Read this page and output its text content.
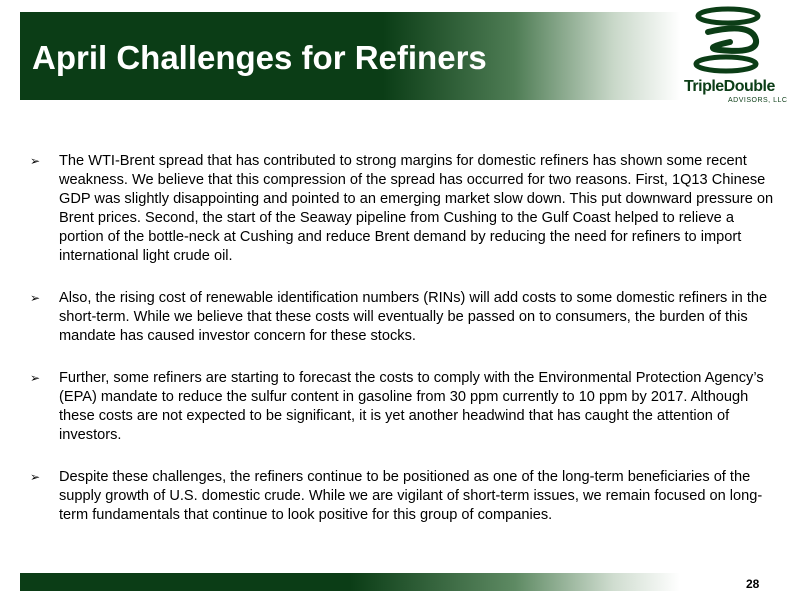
April Challenges for Refiners
TripleDouble
ADVISORS, LLC
➢ The WTI-Brent spread that has contributed to strong margins for domestic refiners has shown some recent weakness. We believe that this compression of the spread has occurred for two reasons. First, 1Q13 Chinese GDP was slightly disappointing and pointed to an emerging market slow down. This put downward pressure on Brent prices. Second, the start of the Seaway pipeline from Cushing to the Gulf Coast helped to relieve a portion of the bottle-neck at Cushing and reduce Brent demand by reducing the need for refiners to import international light crude oil.
➢ Also, the rising cost of renewable identification numbers (RINs) will add costs to some domestic refiners in the short-term. While we believe that these costs will eventually be passed on to consumers, the burden of this mandate has caused investor concern for these stocks.
➢ Further, some refiners are starting to forecast the costs to comply with the Environmental Protection Agency’s (EPA) mandate to reduce the sulfur content in gasoline from 30 ppm currently to 10 ppm by 2017. Although these costs are not expected to be significant, it is yet another headwind that has caught the attention of investors.
➢ Despite these challenges, the refiners continue to be positioned as one of the long-term beneficiaries of the supply growth of U.S. domestic crude. While we are vigilant of short-term issues, we remain focused on long-term fundamentals that continue to look positive for this group of companies.
28
